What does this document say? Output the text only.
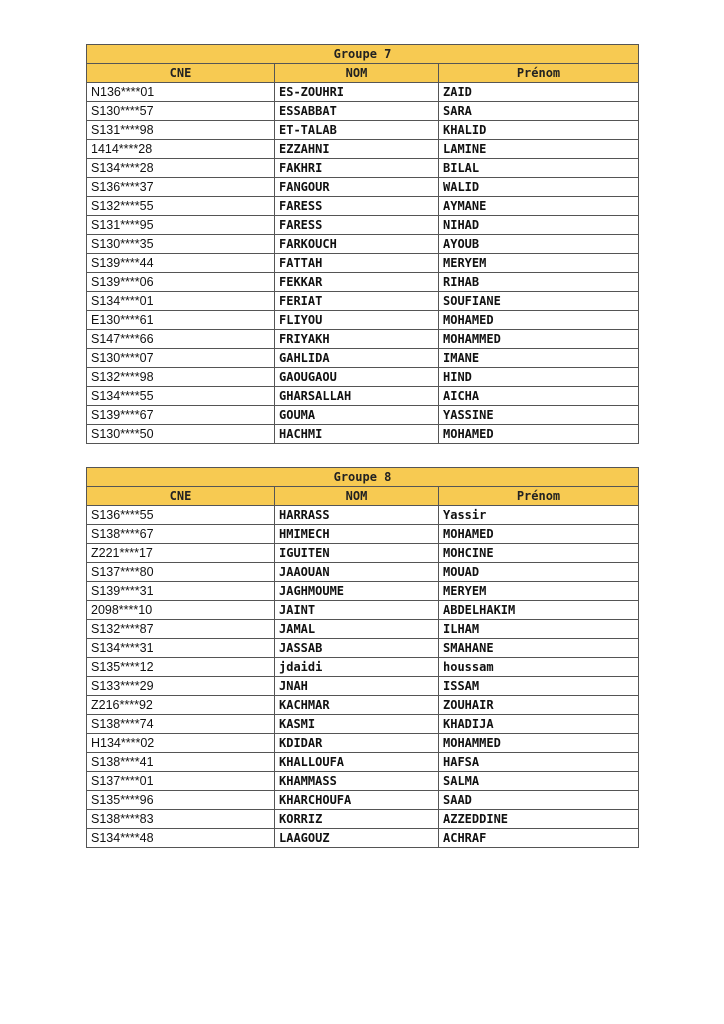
Groupe 7		
CNE	NOM	Prénom
N136****01	ES-ZOUHRI	ZAID
S130****57	ESSABBAT	SARA
S131****98	ET-TALAB	KHALID
1414****28	EZZAHNI	LAMINE
S134****28	FAKHRI	BILAL
S136****37	FANGOUR	WALID
S132****55	FARESS	AYMANE
S131****95	FARESS	NIHAD
S130****35	FARKOUCH	AYOUB
S139****44	FATTAH	MERYEM
S139****06	FEKKAR	RIHAB
S134****01	FERIAT	SOUFIANE
E130****61	FLIYOU	MOHAMED
S147****66	FRIYAKH	MOHAMMED
S130****07	GAHLIDA	IMANE
S132****98	GAOUGAOU	HIND
S134****55	GHARSALLAH	AICHA
S139****67	GOUMA	YASSINE
S130****50	HACHMI	MOHAMED
Groupe 8		
CNE	NOM	Prénom
S136****55	HARRASS	Yassir
S138****67	HMIMECH	MOHAMED
Z221****17	IGUITEN	MOHCINE
S137****80	JAAOUAN	MOUAD
S139****31	JAGHMOUME	MERYEM
2098****10	JAINT	ABDELHAKIM
S132****87	JAMAL	ILHAM
S134****31	JASSAB	SMAHANE
S135****12	jdaidi	houssam
S133****29	JNAH	ISSAM
Z216****92	KACHMAR	ZOUHAIR
S138****74	KASMI	KHADIJA
H134****02	KDIDAR	MOHAMMED
S138****41	KHALLOUFA	HAFSA
S137****01	KHAMMASS	SALMA
S135****96	KHARCHOUFA	SAAD
S138****83	KORRIZ	AZZEDDINE
S134****48	LAAGOUZ	ACHRAF
